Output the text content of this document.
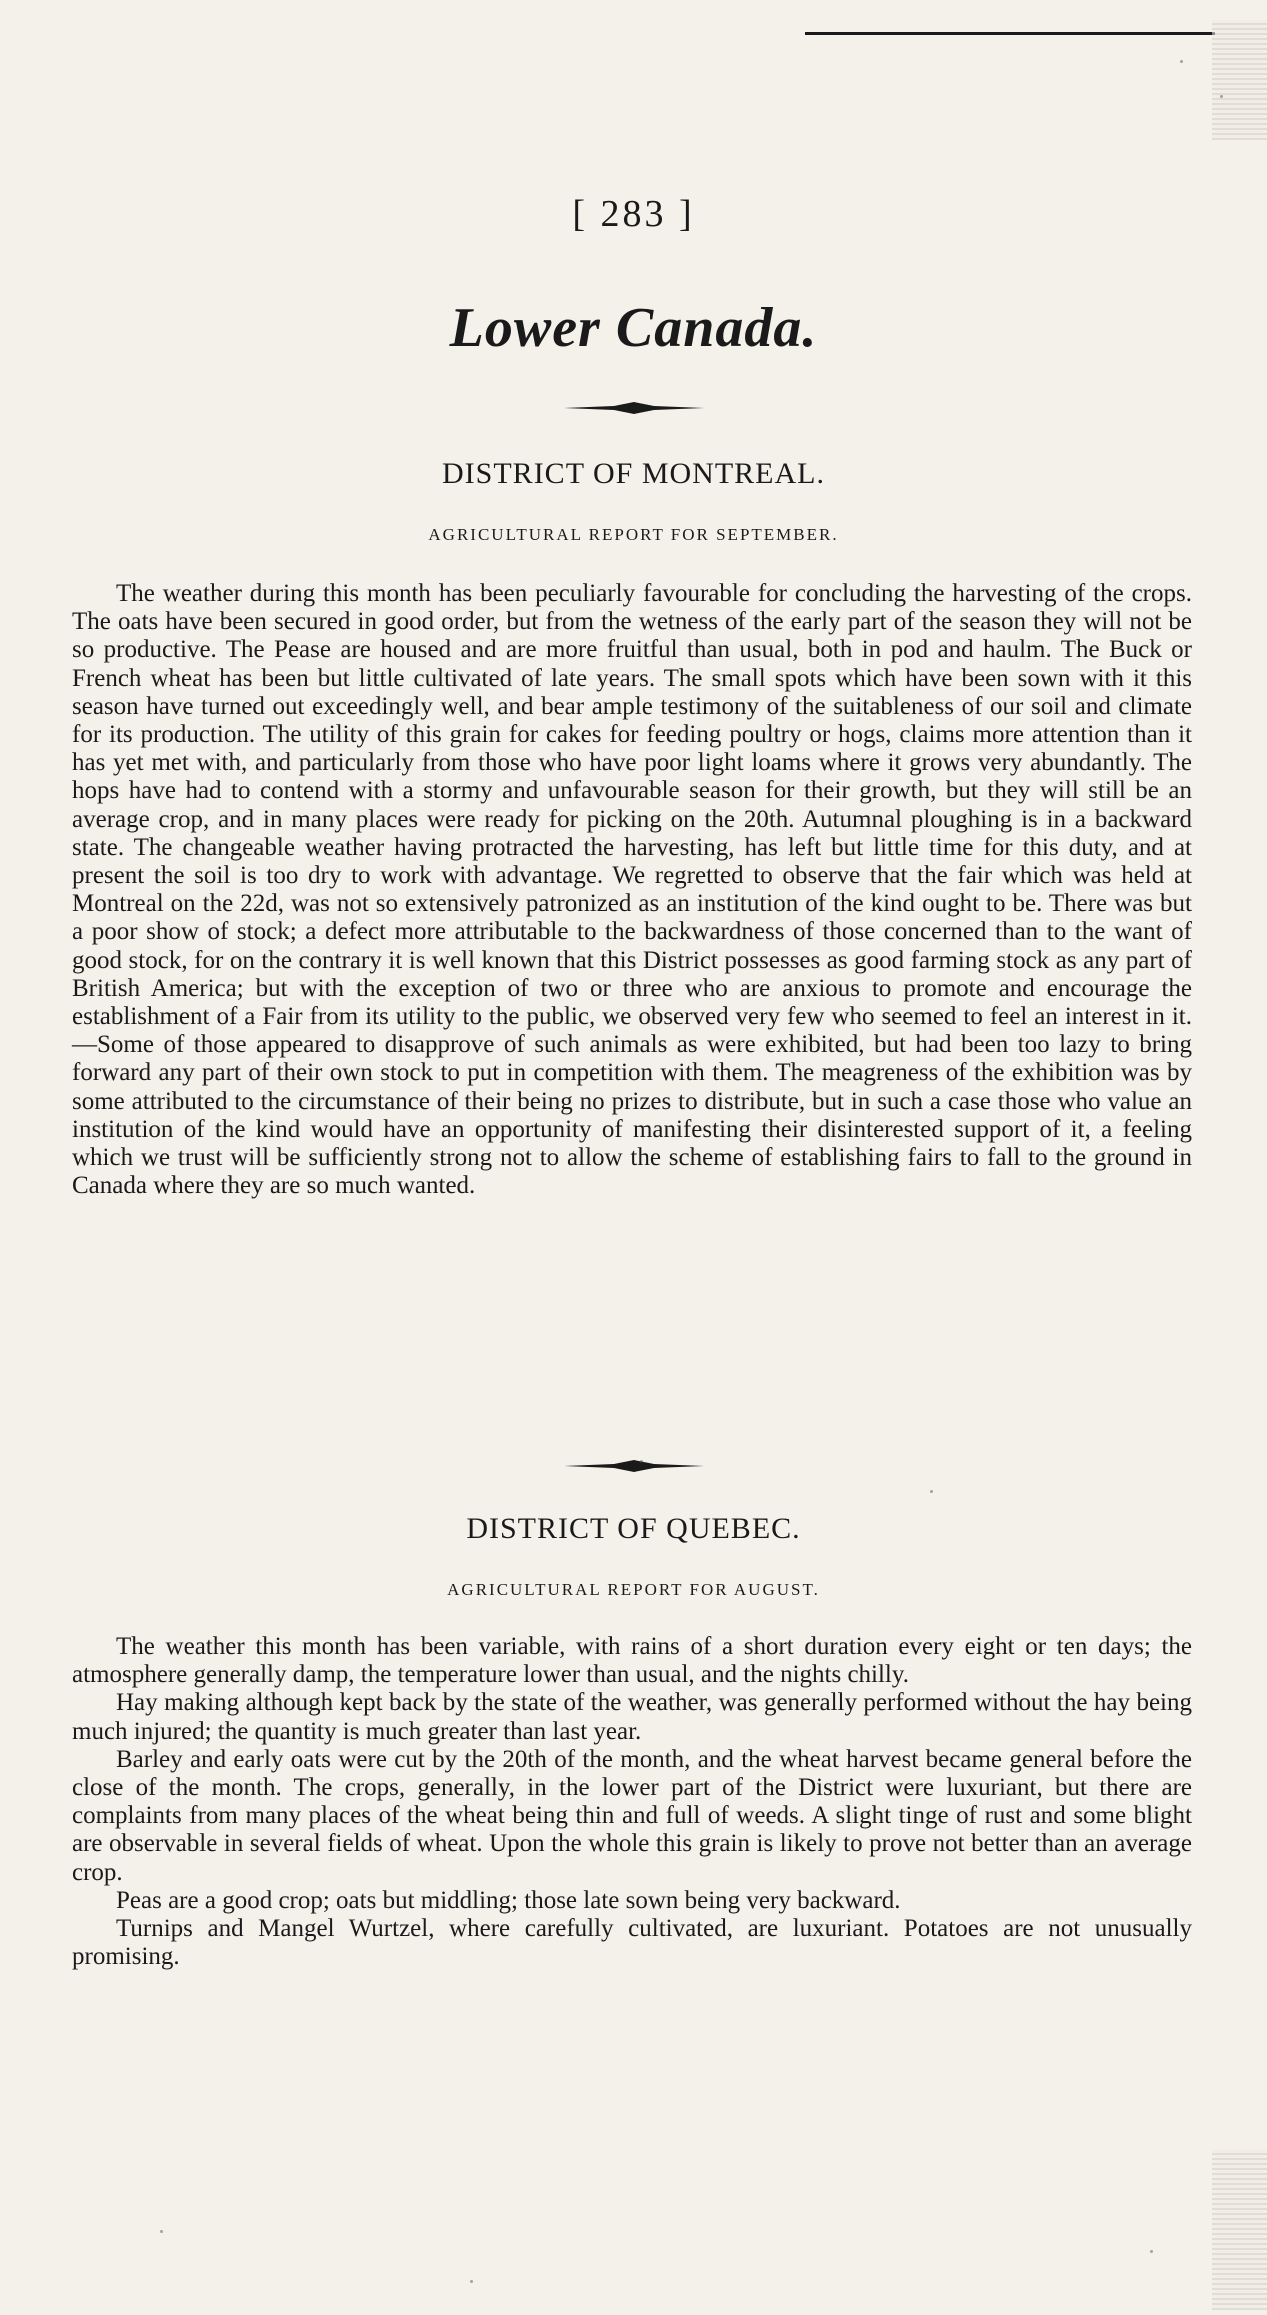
[ 283 ]
Lower Canada.
DISTRICT OF MONTREAL.
AGRICULTURAL REPORT FOR SEPTEMBER.

The weather during this month has been peculiarly favourable for concluding the harvesting of the crops. The oats have been secured in good order, but from the wetness of the early part of the season they will not be so productive. The Pease are housed and are more fruitful than usual, both in pod and haulm. The Buck or French wheat has been but little cultivated of late years. The small spots which have been sown with it this season have turned out exceedingly well, and bear ample testimony of the suitableness of our soil and climate for its production. The utility of this grain for cakes for feeding poultry or hogs, claims more attention than it has yet met with, and particularly from those who have poor light loams where it grows very abundantly. The hops have had to contend with a stormy and unfavourable season for their growth, but they will still be an average crop, and in many places were ready for picking on the 20th. Autumnal ploughing is in a backward state. The changeable weather having protracted the harvesting, has left but little time for this duty, and at present the soil is too dry to work with advantage. We regretted to observe that the fair which was held at Montreal on the 22d, was not so extensively patronized as an institution of the kind ought to be. There was but a poor show of stock; a defect more attributable to the backwardness of those concerned than to the want of good stock, for on the contrary it is well known that this District possesses as good farming stock as any part of British America; but with the exception of two or three who are anxious to promote and encourage the establishment of a Fair from its utility to the public, we observed very few who seemed to feel an interest in it.—Some of those appeared to disapprove of such animals as were exhibited, but had been too lazy to bring forward any part of their own stock to put in competition with them. The meagreness of the exhibition was by some attributed to the circumstance of their being no prizes to distribute, but in such a case those who value an institution of the kind would have an opportunity of manifesting their disinterested support of it, a feeling which we trust will be sufficiently strong not to allow the scheme of establishing fairs to fall to the ground in Canada where they are so much wanted.

DISTRICT OF QUEBEC.
AGRICULTURAL REPORT FOR AUGUST.

The weather this month has been variable, with rains of a short duration every eight or ten days; the atmosphere generally damp, the temperature lower than usual, and the nights chilly.

Hay making although kept back by the state of the weather, was generally performed without the hay being much injured; the quantity is much greater than last year.

Barley and early oats were cut by the 20th of the month, and the wheat harvest became general before the close of the month. The crops, generally, in the lower part of the District were luxuriant, but there are complaints from many places of the wheat being thin and full of weeds. A slight tinge of rust and some blight are observable in several fields of wheat. Upon the whole this grain is likely to prove not better than an average crop.

Peas are a good crop; oats but middling; those late sown being very backward.

Turnips and Mangel Wurtzel, where carefully cultivated, are luxuriant. Potatoes are not unusually promising.
